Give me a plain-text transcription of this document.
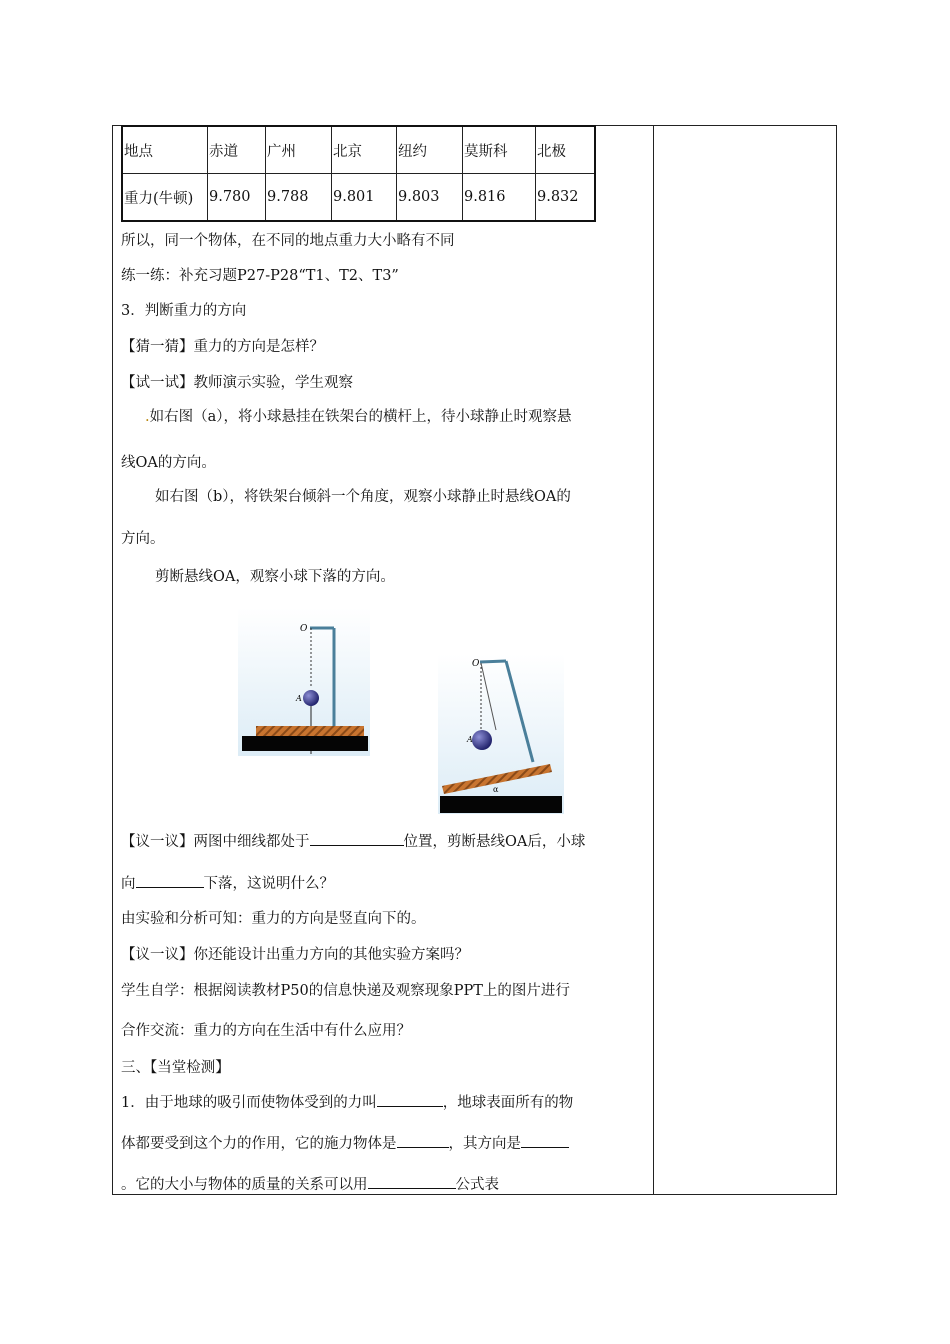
地点	赤道	广州	北京	纽约	莫斯科	北极
重力(牛顿)	9.780	9.788	9.801	9.803	9.816	9.832
所以，同一个物体，在不同的地点重力大小略有不同
练一练：补充习题P27-P28“T1、T2、T3”
3．判断重力的方向
【猜一猜】重力的方向是怎样？
【试一试】教师演示实验，学生观察
.如右图（a），将小球悬挂在铁架台的横杆上，待小球静止时观察悬
线OA的方向。
如右图（b），将铁架台倾斜一个角度，观察小球静止时悬线OA的
方向。
剪断悬线OA，观察小球下落的方向。
【议一议】两图中细线都处于	位置，剪断悬线OA后，小球
向	下落，这说明什么？
由实验和分析可知：重力的方向是竖直向下的。
【议一议】你还能设计出重力方向的其他实验方案吗？
学生自学：根据阅读教材P50的信息快递及观察现象PPT上的图片进行
合作交流：重力的方向在生活中有什么应用？
三、【当堂检测】
1．由于地球的吸引而使物体受到的力叫	，地球表面所有的物
体都要受到这个力的作用，它的施力物体是	，其方向是
。它的大小与物体的质量的关系可以用	公式表
O
A
O
A
α
